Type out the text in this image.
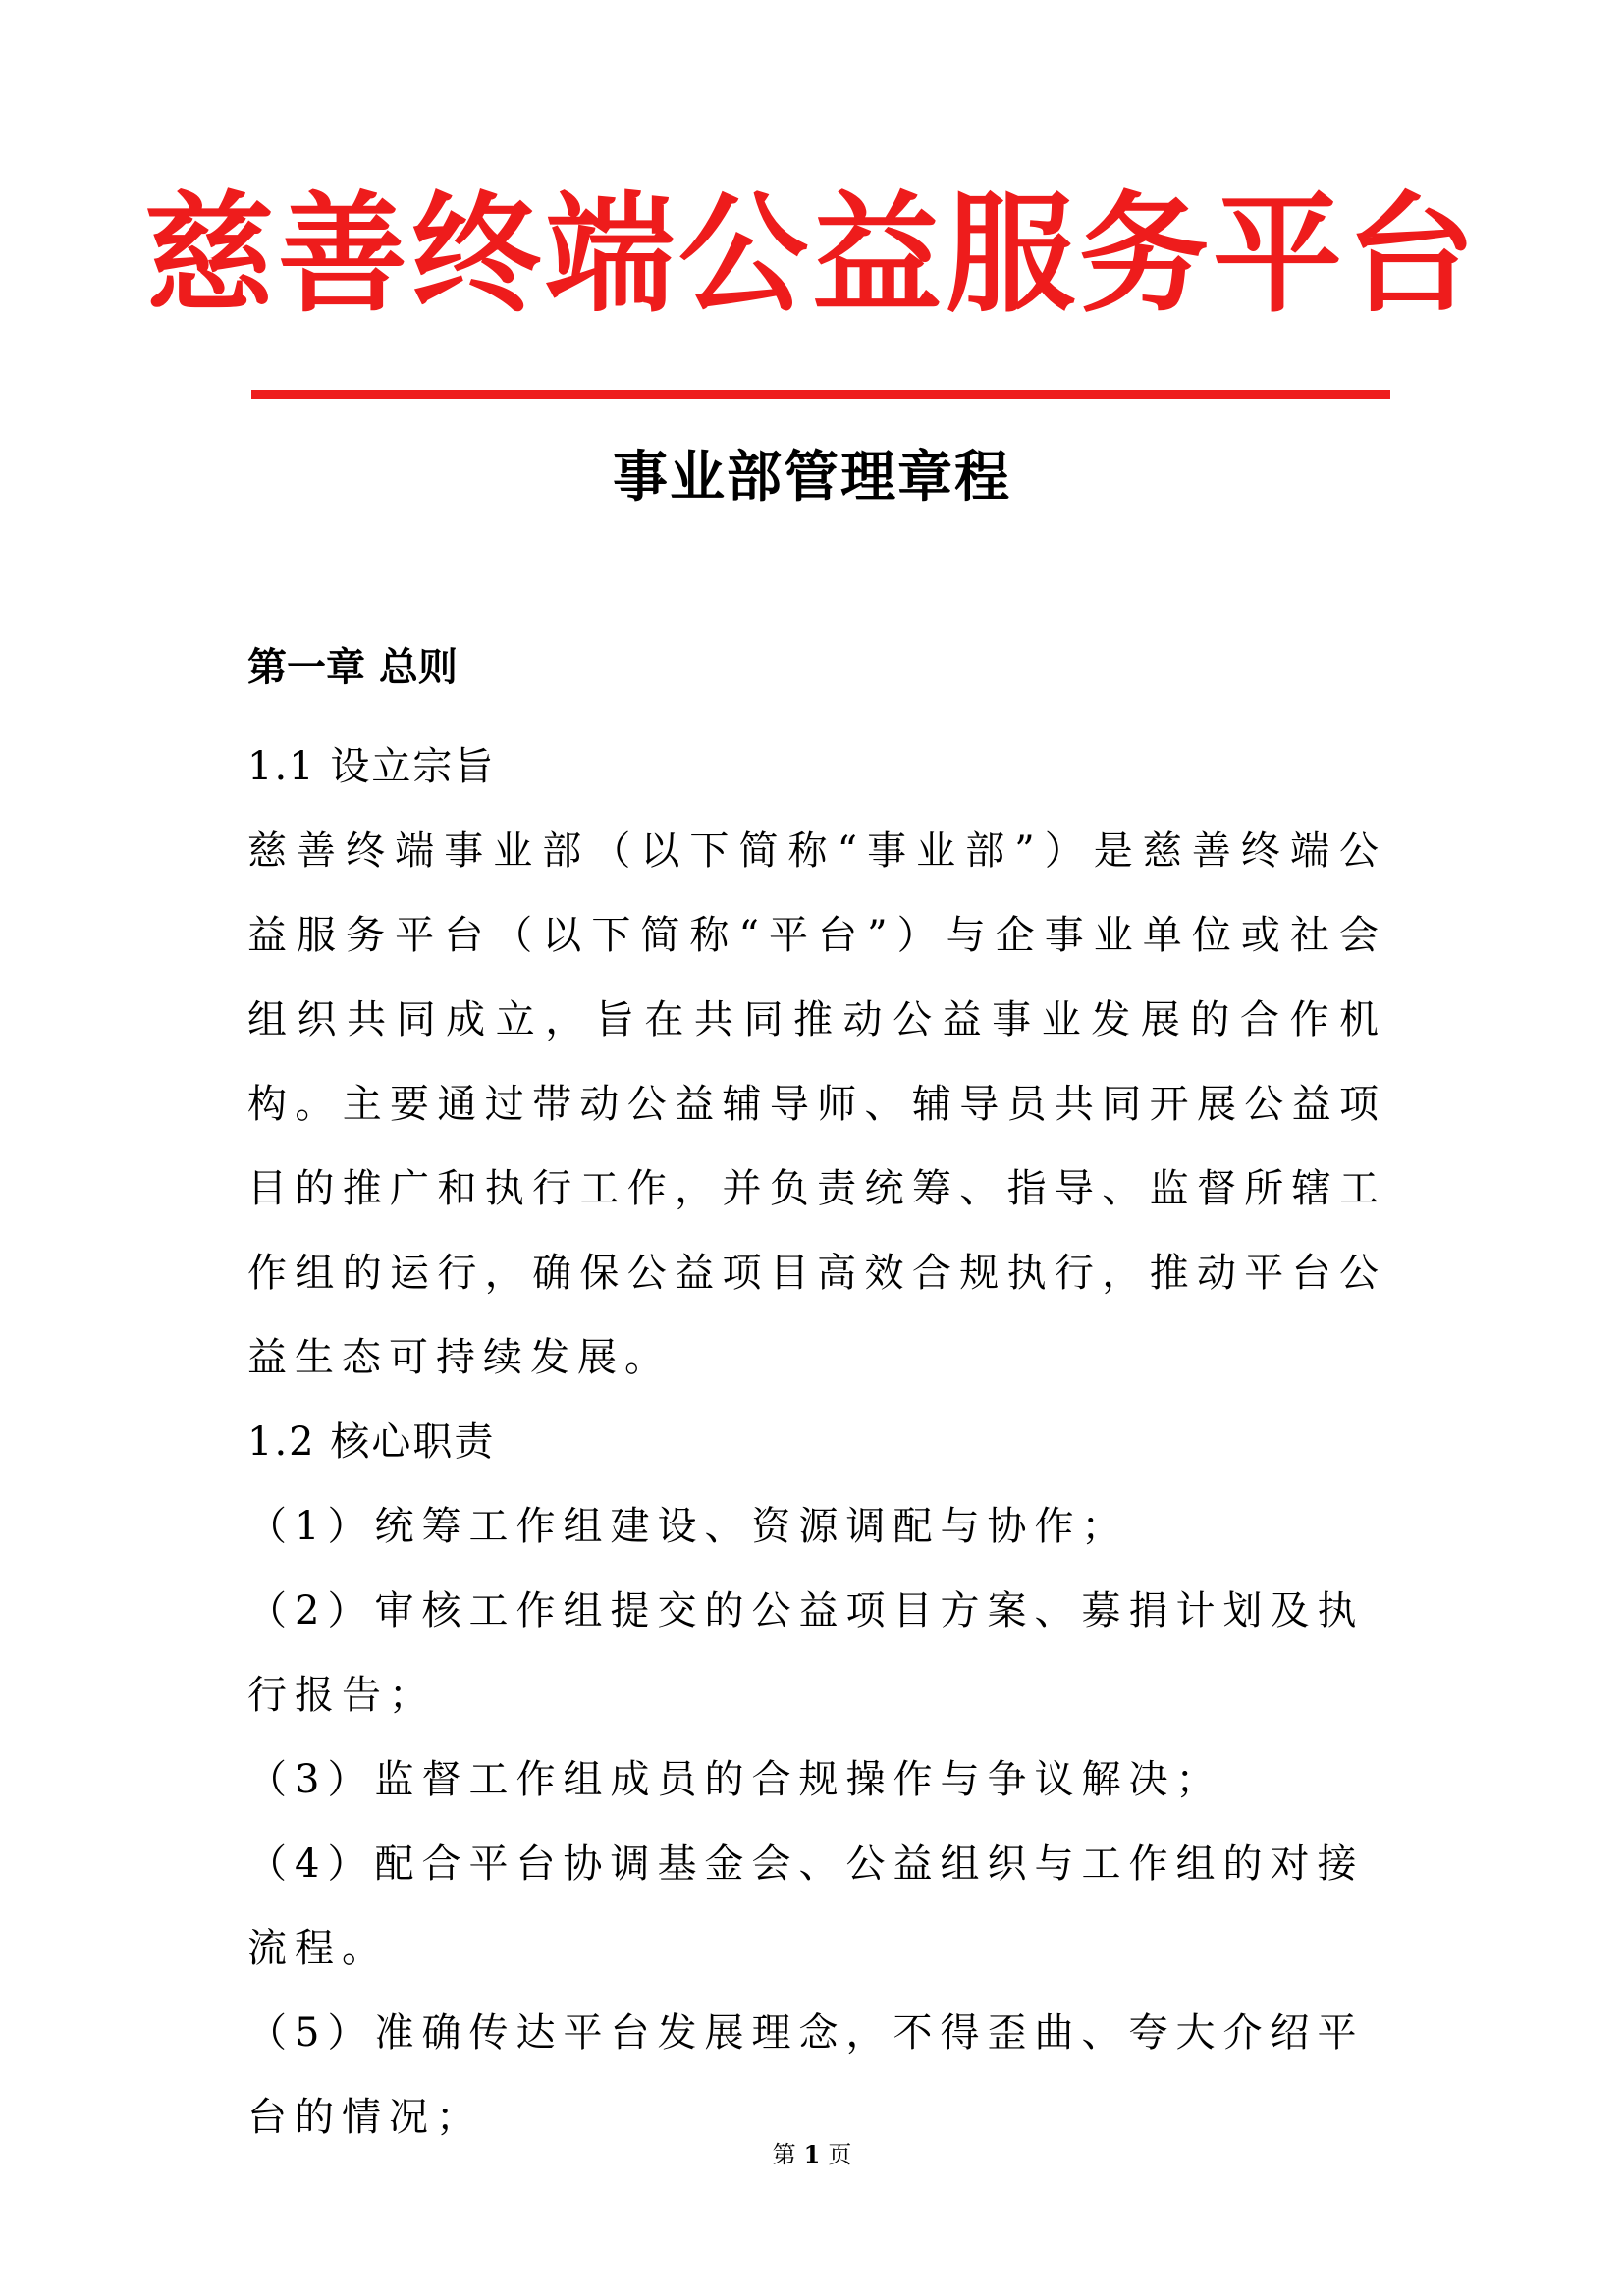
慈善终端公益服务平台
事业部管理章程
第一章 总则

1.1 设立宗旨

慈善终端事业部（以下简称“事业部”）是慈善终端公益服务平台（以下简称“平台”）与企事业单位或社会组织共同成立，旨在共同推动公益事业发展的合作机构。主要通过带动公益辅导师、辅导员共同开展公益项目的推广和执行工作，并负责统筹、指导、监督所辖工作组的运行，确保公益项目高效合规执行，推动平台公益生态可持续发展。

1.2 核心职责

（1）统筹工作组建设、资源调配与协作；

（2）审核工作组提交的公益项目方案、募捐计划及执行报告；

（3）监督工作组成员的合规操作与争议解决；

（4）配合平台协调基金会、公益组织与工作组的对接流程。

（5）准确传达平台发展理念，不得歪曲、夸大介绍平台的情况；

第 1 页
